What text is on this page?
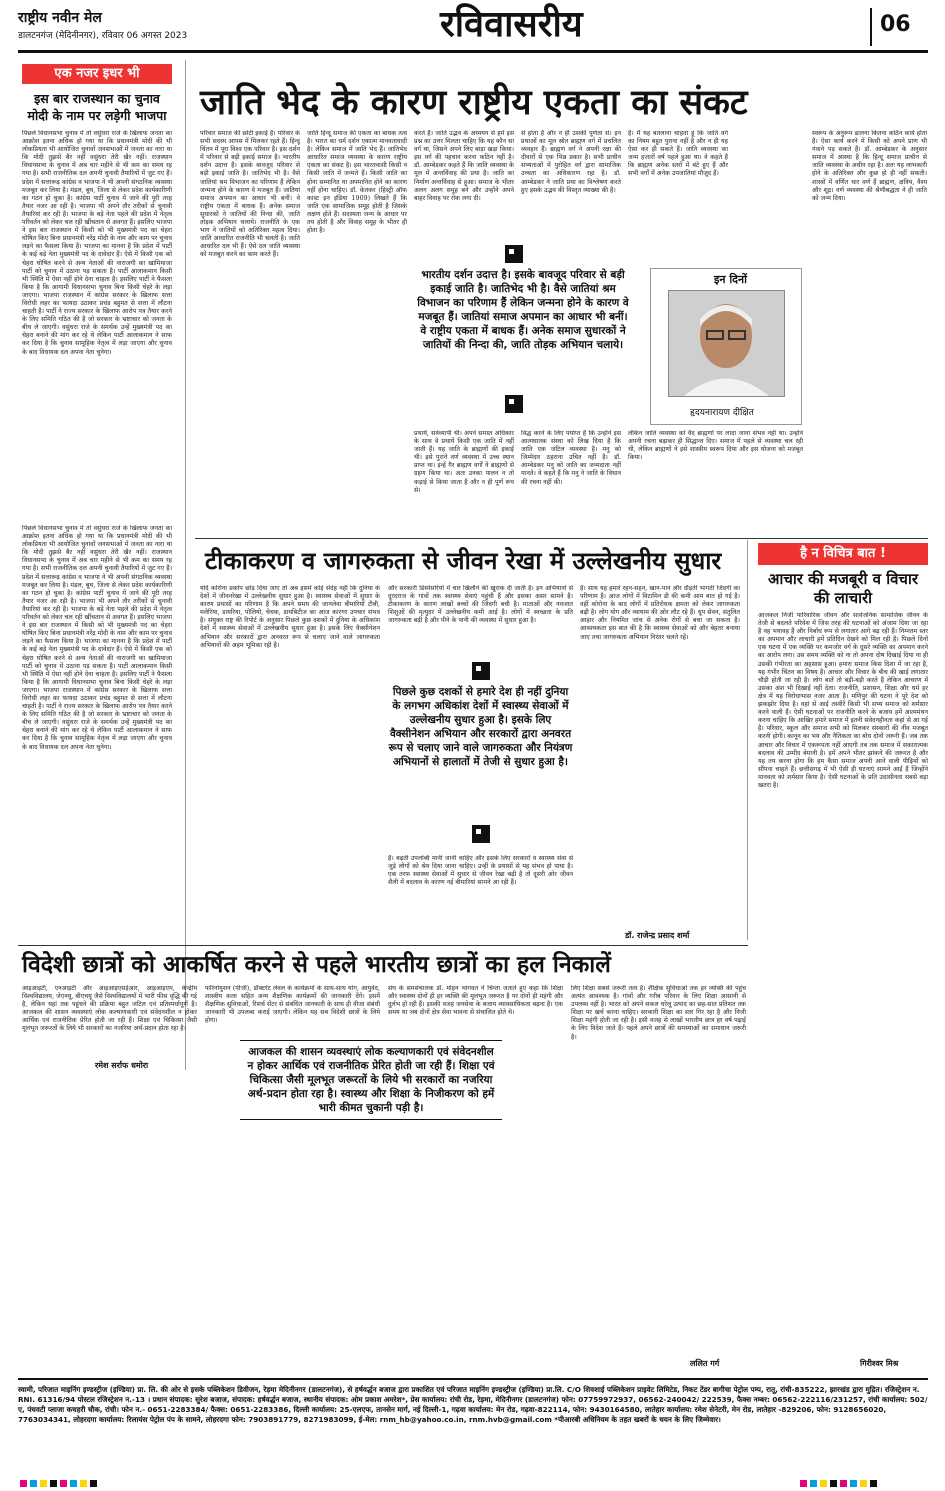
राष्ट्रीय नवीन मेल
डालटनगंज (मेदिनीनगर), रविवार 06 अगस्त 2023	रविवासरीय	06
एक नजर इधर भी
इस बार राजस्थान का चुनाव मोदी के नाम पर लड़ेगी भाजपा
पिछले विधानसभा चुनाव में तो वसुंधरा राजे के खिलाफ जनता का आक्रोश इतना अधिक हो गया था कि प्रधानमंत्री मोदी की भी लोकप्रियता भी आयोजित चुनावों जनसभाओं में जनता का नारा था कि मोदी तुझसे बैर नहीं वसुंधरा तेरी खैर नहीं। राजस्थान विधानसभा के चुनाव में अब चार महीने से भी कम का समय रह गया है। सभी राजनीतिक दल अपनी चुनावी तैयारियों में जुट गए हैं। प्रदेश में सत्तारूढ़ कांग्रेस व भाजपा ने भी अपनी संगठनिक व्यवस्था मजबूत कर लिया है। मंडल, बूथ, जिला से लेकर प्रदेश कार्यकारिणी का गठन हो चुका है। कांग्रेस पार्टी चुनाव में जाने की पूरी तरह तैयार नजर आ रही है। भाजपा भी अपने तौर तरीकों से चुनावी तैयारियां कर रही है। भाजपा के बड़े नेता पहले की प्रदेश में नेतृत्व परिवर्तन को लेकर चल रही खींचतान से अवगत हैं। इसलिए भाजपा ने इस बार राजस्थान में किसी को भी मुख्यमंत्री पद का चेहरा घोषित किए बिना प्रधानमंत्री नरेंद्र मोदी के नाम और काम पर चुनाव लड़ने का फैसला किया है। भाजपा का मानना है कि प्रदेश में पार्टी के कई बड़े नेता मुख्यमंत्री पद के दावेदार हैं। ऐसे में किसी एक को चेहरा घोषित करने से अन्य नेताओं की नाराजगी का खामियाजा पार्टी को चुनाव में उठाना पड़ सकता है। पार्टी आलाकमान किसी भी स्थिति में ऐसा नहीं होने देना चाहता है। इसलिए पार्टी ने फैसला किया है कि आगामी विधानसभा चुनाव बिना किसी चेहरे के लड़ा जाएगा। भाजपा राजस्थान में कांग्रेस सरकार के खिलाफ सत्ता विरोधी लहर का फायदा उठाकर प्रचंड बहुमत से सत्ता में लौटना चाहती है। पार्टी ने राज्य सरकार के खिलाफ आरोप पत्र तैयार करने के लिए समिति गठित की है जो सरकार के भ्रष्टाचार को जनता के बीच ले जाएगी। वसुंधरा राजे के समर्थक उन्हें मुख्यमंत्री पद का चेहरा बनाने की मांग कर रहे थे लेकिन पार्टी आलाकमान ने साफ कर दिया है कि चुनाव सामूहिक नेतृत्व में लड़ा जाएगा और चुनाव के बाद विधायक दल अपना नेता चुनेगा।
पिछले विधानसभा चुनाव में तो वसुंधरा राजे के खिलाफ जनता का आक्रोश इतना अधिक हो गया था कि प्रधानमंत्री मोदी की भी लोकप्रियता भी आयोजित चुनावों जनसभाओं में जनता का नारा था कि मोदी तुझसे बैर नहीं वसुंधरा तेरी खैर नहीं। राजस्थान विधानसभा के चुनाव में अब चार महीने से भी कम का समय रह गया है। सभी राजनीतिक दल अपनी चुनावी तैयारियों में जुट गए हैं। प्रदेश में सत्तारूढ़ कांग्रेस व भाजपा ने भी अपनी संगठनिक व्यवस्था मजबूत कर लिया है। मंडल, बूथ, जिला से लेकर प्रदेश कार्यकारिणी का गठन हो चुका है। कांग्रेस पार्टी चुनाव में जाने की पूरी तरह तैयार नजर आ रही है। भाजपा भी अपने तौर तरीकों से चुनावी तैयारियां कर रही है। भाजपा के बड़े नेता पहले की प्रदेश में नेतृत्व परिवर्तन को लेकर चल रही खींचतान से अवगत हैं। इसलिए भाजपा ने इस बार राजस्थान में किसी को भी मुख्यमंत्री पद का चेहरा घोषित किए बिना प्रधानमंत्री नरेंद्र मोदी के नाम और काम पर चुनाव लड़ने का फैसला किया है। भाजपा का मानना है कि प्रदेश में पार्टी के कई बड़े नेता मुख्यमंत्री पद के दावेदार हैं। ऐसे में किसी एक को चेहरा घोषित करने से अन्य नेताओं की नाराजगी का खामियाजा पार्टी को चुनाव में उठाना पड़ सकता है। पार्टी आलाकमान किसी भी स्थिति में ऐसा नहीं होने देना चाहता है। इसलिए पार्टी ने फैसला किया है कि आगामी विधानसभा चुनाव बिना किसी चेहरे के लड़ा जाएगा। भाजपा राजस्थान में कांग्रेस सरकार के खिलाफ सत्ता विरोधी लहर का फायदा उठाकर प्रचंड बहुमत से सत्ता में लौटना चाहती है। पार्टी ने राज्य सरकार के खिलाफ आरोप पत्र तैयार करने के लिए समिति गठित की है जो सरकार के भ्रष्टाचार को जनता के बीच ले जाएगी। वसुंधरा राजे के समर्थक उन्हें मुख्यमंत्री पद का चेहरा बनाने की मांग कर रहे थे लेकिन पार्टी आलाकमान ने साफ कर दिया है कि चुनाव सामूहिक नेतृत्व में लड़ा जाएगा और चुनाव के बाद विधायक दल अपना नेता चुनेगा।
रमेश सर्राफ धमोरा
जाति भेद के कारण राष्ट्रीय एकता का संकट
परिवार समाज की छोटी इकाई है। परिवार के सभी सदस्य आपस में मिलकर रहते हैं। हिन्दू चिंतन में पूरा विश्व एक परिवार है। इस दर्शन में परिवार से बड़ी इकाई समाज है। भारतीय दर्शन उदात्त है। इसके बावजूद परिवार से बड़ी इकाई जाति है। जातिभेद भी है। वैसे जातियां श्रम विभाजन का परिणाम हैं लेकिन जन्मना होने के कारण वे मजबूत हैं। जातियां समाज अपमान का आधार भी बनीं। वे राष्ट्रीय एकता में बाधक हैं। अनेक समाज सुधारकों ने जातियों की निन्दा की, जाति तोड़क अभियान चलाये। राजनीति के एक भाग ने जातियों को अतिरिक्त महत्व दिया। जाति आधारित राजनीति भी चलती है। जाति आधारित दल भी हैं। ऐसे दल जाति व्यवस्था को मजबूत करने का काम करते हैं।
जाति हिन्दू समाज की एकता का बाधक तत्व है। भारत का धर्म दर्शन एकात्म मानवतावादी है। लेकिन समाज में जाति भेद हैं। जातिभेद आधारित समाज व्यवस्था के कारण राष्ट्रीय एकता का संकट है। इस भारतवासी किसी न किसी जाति में जन्मते हैं। किसी जाति का होना सम्मानित या अपमानित होने का कारण नहीं होना चाहिए। डॉ. केतकर (हिस्ट्री ऑफ कास्ट इन इंडिया 1909) लिखते हैं कि जाति एक सामाजिक समूह होती है जिसके लक्षण होते हैं। सदस्यता जन्म के आधार पर तय होती है और विवाह समूह के भीतर ही होता है।
करते हैं। जाति उद्भव के अध्ययन से हमें इस प्रश्न का उत्तर मिलता चाहिए कि यह कौन सा वर्ग था, जिसने अपने लिए बाड़ा खड़ा किया। इस वर्ग की पहचान करना कठिन नहीं है। डॉ. आम्बेडकर कहते हैं कि जाति व्यवस्था के मूल में अन्तर्विवाह की प्रथा है। जाति का निर्माण अन्तर्विवाह से हुआ। समाज के भीतर अलग अलग समूह बने और उन्होंने अपने बाहर विवाह पर रोक लगा दी।
से होता है और न ही उसकी पूर्णता से। इन प्रथाओं का मूल स्रोत ब्राह्मण वर्ग में प्रचलित व्यवहार हैं। ब्राह्मण वर्ग ने अपनी रक्षा की दीवारों से एक भिन्न प्रकार है। सभी प्राचीन सभ्यताओं में पुरोहित वर्ग द्वारा सामाजिक उच्चता का अधिकारण रहा है। डॉ. आम्बेडकर ने जाति प्रथा का विश्लेषण करते हुए इसके उद्भव की विस्तृत व्याख्या की है।
है। मैं यह बतलाना चाहता हूं कि जाति वर्ग का नियम बहुत पुराना नहीं है और न ही यह ऐसा कर ही सकते हैं। जाति व्यवस्था का जन्म हजारों वर्ष पहले हुआ था। वे कहते हैं कि ब्राह्मण अनेक स्तरों में बंटे हुए हैं और सभी वर्गों में अनेक उपजातियां मौजूद हैं।
स्वरूप के अनुरूप ढालना कितना कठिन कार्य होता है। ऐसा कार्य करने में किसी को अपने प्राण भी गंवाने पड़ सकते हैं। डॉ. आम्बेडकर के अनुसार समाज में आस्था है कि हिन्दू समाज प्राचीन से जाति व्यवस्था के अधीन रहा है। अतः यह लाभकारी होने के अतिरिक्त और कुछ हो ही नहीं सकती। शास्त्रों में वर्णित चार वर्ण हैं ब्राह्मण, क्षत्रिय, वैश्य और शूद्र। वर्ण व्यवस्था की श्रेणीबद्धता ने ही जाति को जन्म दिया।
भारतीय दर्शन उदात्त है। इसके बावजूद परिवार से बड़ी इकाई जाति है। जातिभेद भी है। वैसे जातियां श्रम विभाजन का परिणाम हैं लेकिन जन्मना होने के कारण वे मजबूत हैं। जातियां समाज अपमान का आधार भी बनीं। वे राष्ट्रीय एकता में बाधक हैं। अनेक समाज सुधारकों ने जातियों की निन्दा की, जाति तोड़क अभियान चलाये।
इन दिनों
हृदयनारायण दीक्षित
प्रथायें, सर्वव्यापी थीं। अपने समस्त अधिकार के साथ वे प्रथायें किसी एक जाति में नहीं जाती हैं। यह जाति के ब्राह्मणों की इकाई थी। इसे पुराने वर्ण व्यवस्था में उच्च स्थान प्राप्त था। इन्हें गैर ब्राह्मण वर्गों ने ब्राह्मणों से ग्रहण किया था। अतः उनका पालन न तो कड़ाई से किया जाता है और न ही पूर्ण रूप से।
विद्ध करने के लिए पर्याप्त है कि उन्होंने इस आत्मघातक संस्था को लिख दिया है कि जाति एक जटिल व्यवस्था है। मनु को जिम्मेदार ठहराना उचित नहीं है। डॉ. आम्बेडकर मनु को जाति का जन्मदाता नहीं मानते। वे कहते हैं कि मनु ने जाति के विधान की रचना नहीं की।
लेकिन जाति व्यवस्था को वैद ब्राह्मणों पर लादा जाना संभव नहीं था। उन्होंने अपनी रचना बढ़ाकर ही सिद्धान्त दिए। समाज में पहले से व्यवस्था चल रही थी, लेकिन ब्राह्मणों ने इसे शास्त्रीय स्वरूप दिया और इस योजना को मजबूत किया।
टीकाकरण व जागरुकता से जीवन रेखा में उल्लेखनीय सुधार
यदि कोरोना प्रकोप छोड़ दिया जाए तो अब इसमें कोई संदेह नहीं कि दुनिया के देशों में जीवनरेखा में उल्लेखनीय सुधार हुआ है। स्वास्थ्य सेवाओं में सुधार के कारण प्रयासों का परिणाम है कि अपने समय की जानलेवा बीमारियों टीबी, मलेरिया, डायरिया, पोलियो, चेचक, डायबिटीज का आज कारगर उपचार संभव है। संयुक्त राष्ट्र की रिपोर्ट के अनुसार पिछले कुछ दशकों में दुनिया के अधिकांश देशों में स्वास्थ्य सेवाओं में उल्लेखनीय सुधार हुआ है। इसके लिए वैक्सीनेशन अभियान और सरकारों द्वारा अनवरत रूप से चलाए जाने वाले जागरुकता अभियानों की अहम भूमिका रही है।
और सरकारी डिस्पेंसरियों में चार खिलौने की खुराक दी जाती है। इन अभियानों से दूरदराज के गांवों तक स्वास्थ्य सेवाएं पहुंची हैं और इसका असर सामने है। टीकाकरण के कारण लाखों बच्चों की जिंदगी बची है। माताओं और नवजात शिशुओं की मृत्युदर में उल्लेखनीय कमी आई है। लोगों में स्वच्छता के प्रति जागरुकता बढ़ी है और पीने के पानी की व्यवस्था में सुधार हुआ है।
पिछले कुछ दशकों से हमारे देश ही नहीं दुनिया के लगभग अधिकांश देशों में स्वास्थ्य सेवाओं में उल्लेखनीय सुधार हुआ है। इसके लिए वैक्सीनेशन अभियान और सरकारों द्वारा अनवरत रूप से चलाए जाने वाले जागरुकता और नियंत्रण अभियानों से हालातों में तेजी से सुधार हुआ है।
हैं। बढ़ती उपलब्धि मानी जानी चाहिए और इसके लिए सरकारों व स्वास्थ्य सेवा से जुड़े लोगों को श्रेय दिया जाना चाहिए। उन्हीं के प्रयासों से यह संभव हो पाया है। एक तरफ स्वास्थ्य सेवाओं में सुधार से जीवन रेखा बढ़ी है तो दूसरी ओर जीवन शैली में बदलाव के कारण नई बीमारियां सामने आ रही हैं।
है। साथ यह हमारे रहन-सहन, खान-पान और दौड़ती भागती जिंदगी का परिणाम है। आज लोगों में विटामिन डी की कमी आम बात हो गई है। वहीं कोरोना के बाद लोगों में प्रतिरोधक क्षमता को लेकर जागरुकता बढ़ी है। लोग योग और व्यायाम की ओर लौट रहे हैं। धूप सेवन, संतुलित आहार और नियमित जांच से अनेक रोगों से बचा जा सकता है। आवश्यकता इस बात की है कि स्वास्थ्य सेवाओं को और बेहतर बनाया जाए तथा जागरुकता अभियान निरंतर चलते रहें।
डॉ. राजेन्द्र प्रसाद शर्मा
है न विचित्र बात !
आचार की मजबूरी व विचार की लाचारी
आजकल निजी पारिवारिक जीवन और सार्वजनिक सामाजिक जीवन के तेजी से बदलते परिवेश में जिस तरह की घटनाओं को अंजाम दिया जा रहा है वह भयावह हैं और निर्बाध रूप से लगातार आगे बढ़ रही हैं। निम्नतम स्तर का अपमान और लाचारी हमें प्रतिदिन देखने को मिल रही है। पिछले दिनों एक घटना में एक व्यक्ति पर कमजोर वर्ग के दूसरे व्यक्ति का अपमान करने का आरोप लगा। उस समय व्यक्ति को ना तो अपना दोष दिखाई दिया ना ही उसकी गंभीरता का अहसास हुआ। हमारा समाज किस दिशा में जा रहा है, यह गंभीर चिंतन का विषय है। आचार और विचार के बीच की खाई लगातार चौड़ी होती जा रही है। लोग बातें तो बड़ी-बड़ी करते हैं लेकिन आचरण में उसका अंश भी दिखाई नहीं देता। राजनीति, प्रशासन, शिक्षा और धर्म हर क्षेत्र में यह विरोधाभास नजर आता है। मणिपुर की घटना ने पूरे देश को झकझोर दिया है। वहां से आई तस्वीरें किसी भी सभ्य समाज को शर्मसार करने वाली हैं। ऐसी घटनाओं पर राजनीति करने के बजाय हमें आत्ममंथन करना चाहिए कि आखिर हमारे समाज में इतनी संवेदनहीनता कहां से आ गई है। परिवार, स्कूल और समाज सभी को मिलकर संस्कारों की नींव मजबूत करनी होगी। कानून का भय और नैतिकता का बोध दोनों जरूरी हैं। जब तक आचार और विचार में एकरूपता नहीं आएगी तब तक समाज में सकारात्मक बदलाव की उम्मीद बेमानी है। हमें अपने भीतर झांकने की जरूरत है और यह तय करना होगा कि हम कैसा समाज अपनी आने वाली पीढ़ियों को सौंपना चाहते हैं। छत्तीसगढ़ में भी ऐसी ही घटनाएं सामने आई हैं जिन्होंने मानवता को शर्मसार किया है। ऐसी घटनाओं के प्रति उदासीनता सबसे बड़ा खतरा है।
गिरीश्वर मिश्र
विदेशी छात्रों को आकर्षित करने से पहले भारतीय छात्रों का हल निकालें
आइआइटी, एनआइटी और आइआइएसईआर, आइआइएम, केन्द्रीय विश्वविद्यालय, जेएनयू, बीएचयू जैसे विश्वविद्यालयों में भारी फीस वृद्धि की गई है, लेकिन यहां तक पहुंचने की प्रक्रिया बहुत जटिल एवं प्रतिस्पर्धापूर्ण है। आजकल की शासन व्यवस्थाएं लोक कल्याणकारी एवं संवेदनशील न होकर आर्थिक एवं राजनीतिक प्रेरित होती जा रही हैं। शिक्षा एवं चिकित्सा जैसी मूलभूत जरूरतों के लिये भी सरकारों का नजरिया अर्थ-प्रदान होता रहा है।
फॉरेनोयुशन (पीजी), डॉक्टरेट लेवल के कार्यक्रमों के साथ-साथ योग, आयुर्वेद, शास्त्रीय कला सहित अन्य शैक्षणिक कार्यक्रमों की जानकारी देंगे। इसमें शैक्षणिक सुविधाओं, रिसर्च सेंटर से संबंधित जानकारी के साथ ही वीजा संबंधी जानकारी भी उपलब्ध कराई जाएगी। लेकिन यह सब विदेशी छात्रों के लिये होगा।
संघ के समसंचालक डॉ. मोहन भागवत ने चिन्ता जताते हुए कहा कि शिक्षा और स्वास्थ्य दोनों ही हर व्यक्ति की मूलभूत जरूरत है पर दोनों ही महंगी और दुर्लभ हो रही हैं। इसकी वजह जनसेवा के बजाय व्यावसायिकता बढ़ना है। एक समय था जब दोनों क्षेत्र सेवा भावना से संचालित होते थे।
लिए शिक्षा सबसे जरूरी तत्व है। शैक्षिक सुविधाओं तक हर व्यक्ति की पहुंच अत्यंत आवश्यक है। गांवों और गरीब परिवार के लिए शिक्षा आसानी से उपलब्ध नहीं है। भारत को अपने सकल घरेलू उत्पाद का छह-सात प्रतिशत तक शिक्षा पर खर्च करना चाहिए। सरकारी शिक्षा का स्तर गिर रहा है और निजी शिक्षा महंगी होती जा रही है। इसी वजह से लाखों भारतीय छात्र हर वर्ष पढ़ाई के लिए विदेश जाते हैं। पहले अपने छात्रों की समस्याओं का समाधान जरूरी है।
आजकल की शासन व्यवस्थाएं लोक कल्याणकारी एवं संवेदनशील न होकर आर्थिक एवं राजनीतिक प्रेरित होती जा रही हैं। शिक्षा एवं चिकित्सा जैसी मूलभूत जरूरतों के लिये भी सरकारों का नजरिया अर्थ-प्रदान होता रहा है। स्वास्थ्य और शिक्षा के निजीकरण को हमें भारी कीमत चुकानी पड़ी है।
ललित गर्ग
स्वामी, परिजात माइनिंग इण्डस्ट्रीज (इण्डिया) प्रा. लि. की ओर से इसके पब्लिकेशन डिवीजन, रेड़मा मेदिनीनगर (डालटनगंज), से हर्षवर्द्धन बजाज द्वारा प्रकाशित एवं परिजात माइनिंग इण्डस्ट्रीज (इण्डिया) प्रा.लि. C/O शिवशाई पब्लिकेशन प्राइवेट लिमिटेड, निकट टेंडर बागीचा पेट्रोल पम्प, रातू, रांची-835222, झारखंड द्वारा मुद्रित। रजिस्ट्रेशन न. RNI. 61316/94 पोस्टल रजिस्ट्रेशन न.-13 । प्रधान संपादक: सुरेश बजाज, संपादक: हर्षवर्द्धन बजाज, स्थानीय संपादक: ओम प्रकाश अमरेश*, प्रेस कार्यालय: रांची रोड, रेड़मा, मेदिनीनगर (डालटनगंज) फोन: 07759972937, 06562-240042/ 222539, फैक्स नम्बर: 06562-222116/231257, रांची कार्यालय: 502/ए, पंचवटी प्लाजा कचहरी चौक, रांची। फोन न.- 0651-2283384/ फैक्स: 0651-2283386, दिल्ली कार्यालय: 25-एलएफ, तानसेन मार्ग, नई दिल्ली-1, गढ़वा कार्यालय: मेन रोड, गढ़वा-822114, फोन: 9430164580, लातेहार कार्यालय: रमेश सेनेटरी, मेन रोड, लातेहार -829206, फोन: 9128656020, 7763034341, लोहरदगा कार्यालय: रिलायंस पेट्रोल पंप के सामने, लोहरदगा फोन: 7903891779, 8271983099, ई-मेल: rnm_hb@yahoo.co.in, rnm.hvb@gmail.com *पीआरबी अधिनियम के तहत खबरों के चयन के लिए जिम्मेवार।
